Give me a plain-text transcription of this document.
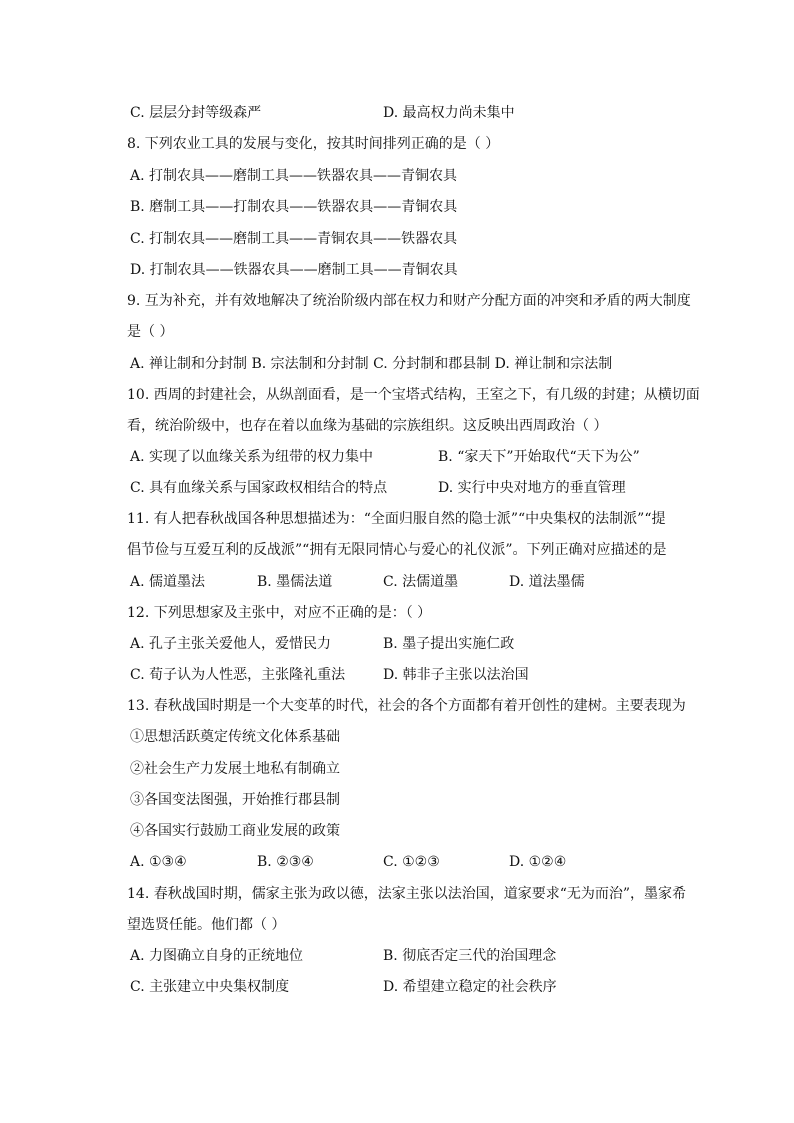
C. 层层分封等级森严	D. 最高权力尚未集中
8. 下列农业工具的发展与变化，按其时间排列正确的是（ ）
A. 打制农具——磨制工具——铁器农具——青铜农具
B. 磨制工具——打制农具——铁器农具——青铜农具
C. 打制农具——磨制工具——青铜农具——铁器农具
D. 打制农具——铁器农具——磨制工具——青铜农具
9. 互为补充，并有效地解决了统治阶级内部在权力和财产分配方面的冲突和矛盾的两大制度
是（ ）
A. 禅让制和分封制 B. 宗法制和分封制 C. 分封制和郡县制 D. 禅让制和宗法制
10. 西周的封建社会，从纵剖面看，是一个宝塔式结构，王室之下，有几级的封建；从横切面
看，统治阶级中，也存在着以血缘为基础的宗族组织。这反映出西周政治（ ）
A. 实现了以血缘关系为纽带的权力集中	B. “家天下”开始取代“天下为公”
C. 具有血缘关系与国家政权相结合的特点	D. 实行中央对地方的垂直管理
11. 有人把春秋战国各种思想描述为：“全面归服自然的隐士派”“中央集权的法制派”“提
倡节俭与互爱互利的反战派”“拥有无限同情心与爱心的礼仪派”。下列正确对应描述的是
A. 儒道墨法	B. 墨儒法道	C. 法儒道墨	D. 道法墨儒
12. 下列思想家及主张中，对应不正确的是：（ ）
A. 孔子主张关爱他人，爱惜民力	B. 墨子提出实施仁政
C. 荀子认为人性恶，主张隆礼重法	D. 韩非子主张以法治国
13. 春秋战国时期是一个大变革的时代，社会的各个方面都有着开创性的建树。主要表现为
①思想活跃奠定传统文化体系基础
②社会生产力发展土地私有制确立
③各国变法图强，开始推行郡县制
④各国实行鼓励工商业发展的政策
A. ①③④	B. ②③④	C. ①②③	D. ①②④
14. 春秋战国时期，儒家主张为政以德，法家主张以法治国，道家要求“无为而治”，墨家希
望选贤任能。他们都（ ）
A. 力图确立自身的正统地位	B. 彻底否定三代的治国理念
C. 主张建立中央集权制度	D. 希望建立稳定的社会秩序
